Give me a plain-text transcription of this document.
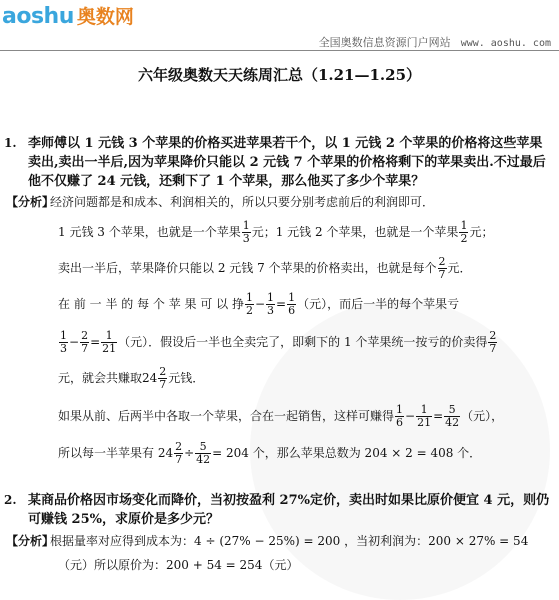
aoshu 奥数网
全国奥数信息资源门户网站 www. aoshu. com
六年级奥数天天练周汇总（1.21—1.25）
1. 李师傅以 1 元钱 3 个苹果的价格买进苹果若干个，以 1 元钱 2 个苹果的价格将这些苹果卖出,卖出一半后,因为苹果降价只能以 2 元钱 7 个苹果的价格将剩下的苹果卖出.不过最后他不仅赚了 24 元钱，还剩下了 1 个苹果，那么他买了多少个苹果？
【分析】
经济问题都是和成本、利润相关的，所以只要分别考虑前后的利润即可．
1 元钱 3 个苹果，也就是一个苹果 $\frac{1}{3}$ 元；1 元钱 2 个苹果，也就是一个苹果 $\frac{1}{2}$ 元；
卖出一半后，苹果降价只能以 2 元钱 7 个苹果的价格卖出，也就是每个 $\frac{2}{7}$ 元．
在 前 一 半 的 每 个 苹 果 可 以 挣 $\frac{1}{2} - \frac{1}{3} = \frac{1}{6}$ （元），而后一半的每个苹果亏
$\frac{1}{3} - \frac{2}{7} = \frac{1}{21}$ （元）．假设后一半也全卖完了，即剩下的 1 个苹果统一按亏的价卖得 $\frac{2}{7}$
元，就会共赚取$24 \frac{2}{7}$ 元钱．
如果从前、后两半中各取一个苹果，合在一起销售，这样可赚得 $\frac{1}{6} - \frac{1}{21} = \frac{5}{42}$ （元），
所以每一半苹果有 $24 \frac{2}{7} \div \frac{5}{42} = 204$ 个，那么苹果总数为 204 × 2 = 408 个．
2. 某商品价格因市场变化而降价，当初按盈利 27%定价，卖出时如果比原价便宜 4 元，则仍可赚钱 25%，求原价是多少元？
【分析】
根据量率对应得到成本为：4 ÷ (27% − 25%) = 200 ，当初利润为：200 × 27% = 54
（元）所以原价为：200 + 54 = 254（元）
